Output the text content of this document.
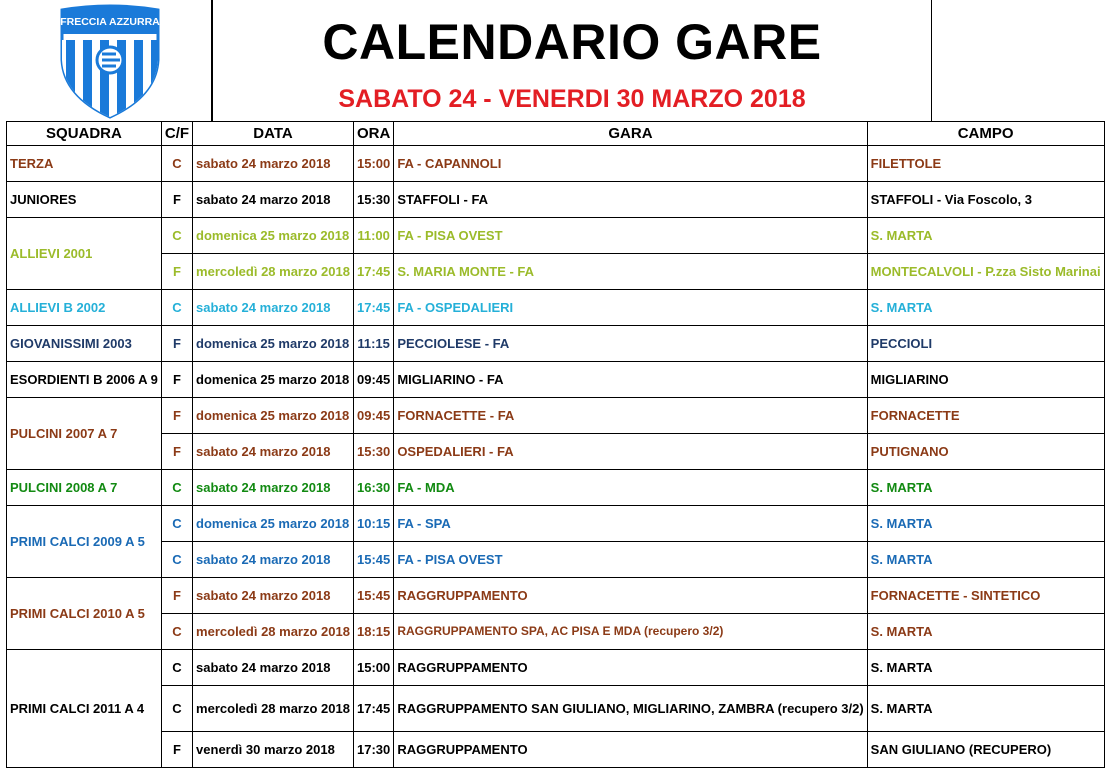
FRECCIA AZZURRA	CALENDARIO GARE
SABATO 24 - VENERDI 30 MARZO 2018
SQUADRA	C/F	DATA	ORA	GARA	CAMPO
TERZA	C	sabato 24 marzo 2018	15:00	FA - CAPANNOLI	FILETTOLE
JUNIORES	F	sabato 24 marzo 2018	15:30	STAFFOLI - FA	STAFFOLI - Via Foscolo, 3
ALLIEVI 2001	C	domenica 25 marzo 2018	11:00	FA - PISA OVEST	S. MARTA
	F	mercoledì 28 marzo 2018	17:45	S. MARIA MONTE - FA	MONTECALVOLI - P.zza Sisto Marinai
ALLIEVI B 2002	C	sabato 24 marzo 2018	17:45	FA - OSPEDALIERI	S. MARTA
GIOVANISSIMI 2003	F	domenica 25 marzo 2018	11:15	PECCIOLESE - FA	PECCIOLI
ESORDIENTI B 2006 A 9	F	domenica 25 marzo 2018	09:45	MIGLIARINO - FA	MIGLIARINO
PULCINI 2007 A 7	F	domenica 25 marzo 2018	09:45	FORNACETTE - FA	FORNACETTE
	F	sabato 24 marzo 2018	15:30	OSPEDALIERI - FA	PUTIGNANO
PULCINI 2008 A 7	C	sabato 24 marzo 2018	16:30	FA - MDA	S. MARTA
PRIMI CALCI 2009 A 5	C	domenica 25 marzo 2018	10:15	FA - SPA	S. MARTA
	C	sabato 24 marzo 2018	15:45	FA - PISA OVEST	S. MARTA
PRIMI CALCI 2010 A 5	F	sabato 24 marzo 2018	15:45	RAGGRUPPAMENTO	FORNACETTE - SINTETICO
	C	mercoledì 28 marzo 2018	18:15	RAGGRUPPAMENTO SPA, AC PISA E MDA (recupero 3/2)	S. MARTA
PRIMI CALCI 2011 A 4	C	sabato 24 marzo 2018	15:00	RAGGRUPPAMENTO	S. MARTA
	C	mercoledì 28 marzo 2018	17:45	RAGGRUPPAMENTO SAN GIULIANO, MIGLIARINO, ZAMBRA (recupero 3/2)	S. MARTA
	F	venerdì 30 marzo 2018	17:30	RAGGRUPPAMENTO	SAN GIULIANO (RECUPERO)
